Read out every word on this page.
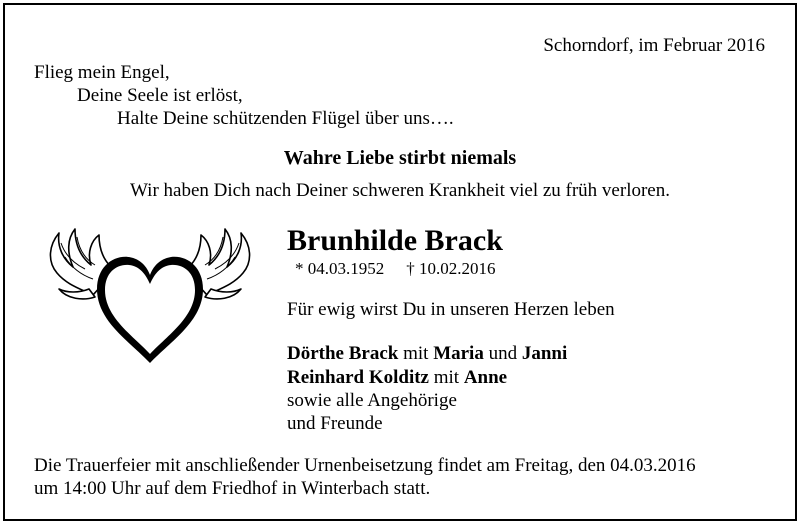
Schorndorf, im Februar 2016
Flieg mein Engel,
Deine Seele ist erlöst,
Halte Deine schützenden Flügel über uns….
Wahre Liebe stirbt niemals
Wir haben Dich nach Deiner schweren Krankheit viel zu früh verloren.
Brunhilde Brack
* 04.03.1952 † 10.02.2016
Für ewig wirst Du in unseren Herzen leben
Dörthe Brack mit Maria und Janni
Reinhard Kolditz mit Anne
sowie alle Angehörige
und Freunde
Die Trauerfeier mit anschließender Urnenbeisetzung findet am Freitag, den 04.03.2016
um 14:00 Uhr auf dem Friedhof in Winterbach statt.
